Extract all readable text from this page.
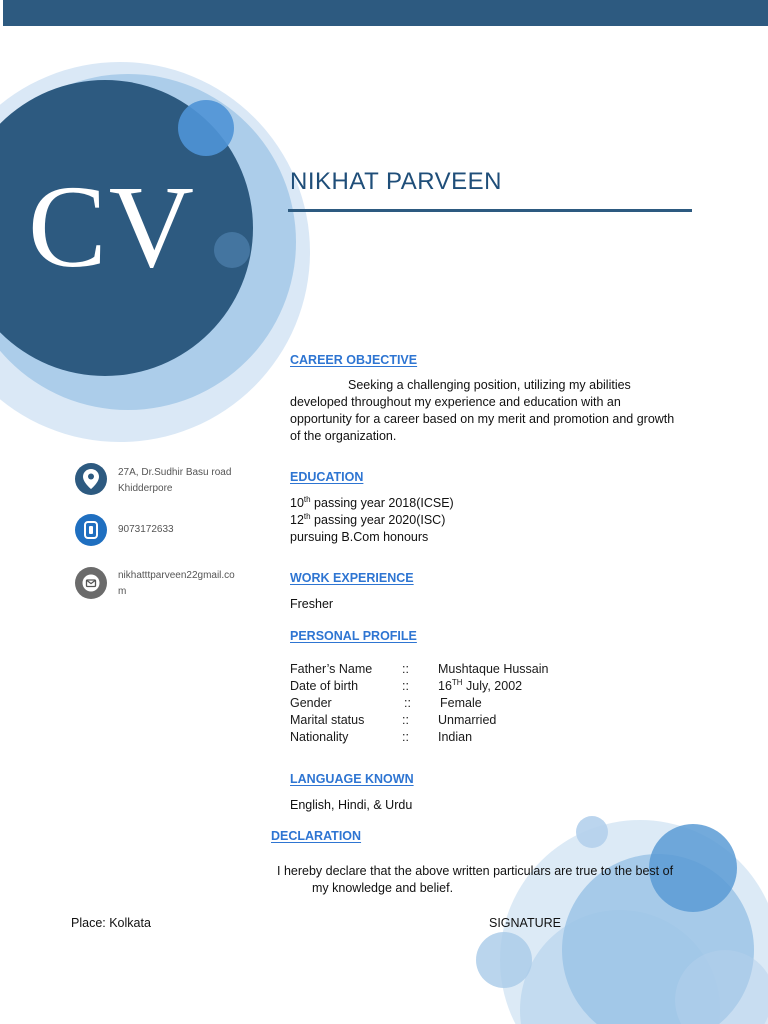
CV	NIKHAT PARVEEN
27A, Dr.Sudhir Basu road
Khidderpore
9073172633
nikhatttparveen22gmail.co
m
CAREER OBJECTIVE
Seeking a challenging position, utilizing my abilities
developed throughout my experience and education with an
opportunity for a career based on my merit and promotion and growth
of the organization.
EDUCATION
10th passing year 2018(ICSE)
12th passing year 2020(ISC)
pursuing B.Com honours
WORK EXPERIENCE
Fresher
PERSONAL PROFILE
Father’s Name	::	Mushtaque Hussain
Date of birth	::	16TH July, 2002
Gender	::	Female
Marital status	::	Unmarried
Nationality	::	Indian
LANGUAGE KNOWN
English, Hindi, & Urdu
DECLARATION
I hereby declare that the above written particulars are true to the best of
my knowledge and belief.
Place: Kolkata	SIGNATURE
